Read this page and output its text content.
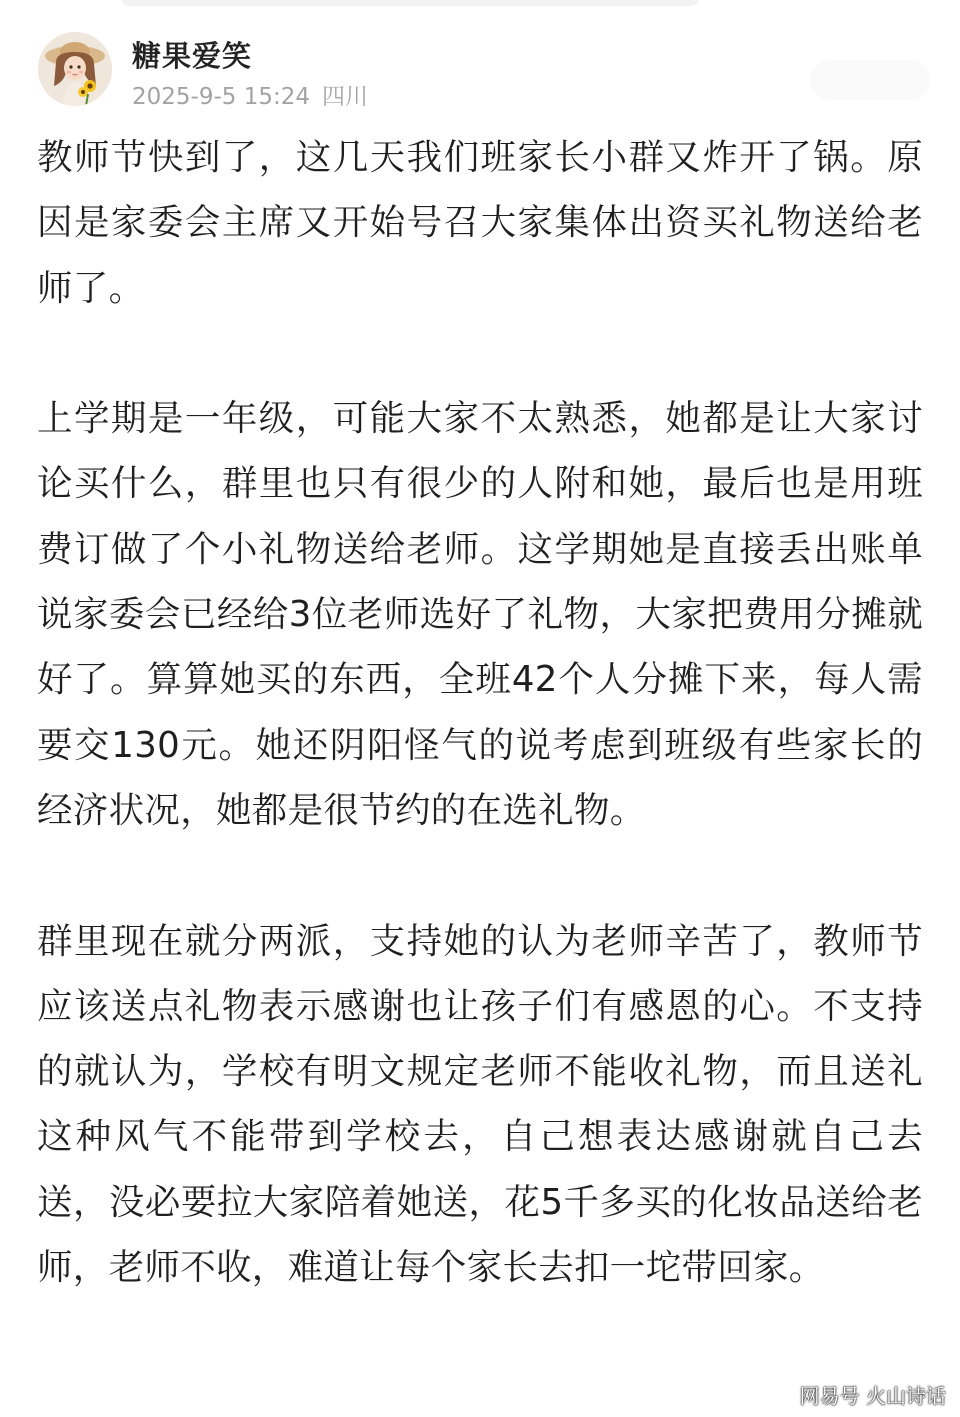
糖果爱笑
2025-9-5 15:24 四川

教师节快到了，这几天我们班家长小群又炸开了锅。原因是家委会主席又开始号召大家集体出资买礼物送给老师了。

上学期是一年级，可能大家不太熟悉，她都是让大家讨论买什么，群里也只有很少的人附和她，最后也是用班费订做了个小礼物送给老师。这学期她是直接丢出账单说家委会已经给3位老师选好了礼物，大家把费用分摊就好了。算算她买的东西，全班42个人分摊下来，每人需要交130元。她还阴阳怪气的说考虑到班级有些家长的经济状况，她都是很节约的在选礼物。

群里现在就分两派，支持她的认为老师辛苦了，教师节应该送点礼物表示感谢也让孩子们有感恩的心。不支持的就认为，学校有明文规定老师不能收礼物，而且送礼这种风气不能带到学校去，自己想表达感谢就自己去送，没必要拉大家陪着她送，花5千多买的化妆品送给老师，老师不收，难道让每个家长去扣一坨带回家。

网易号 火山诗话
